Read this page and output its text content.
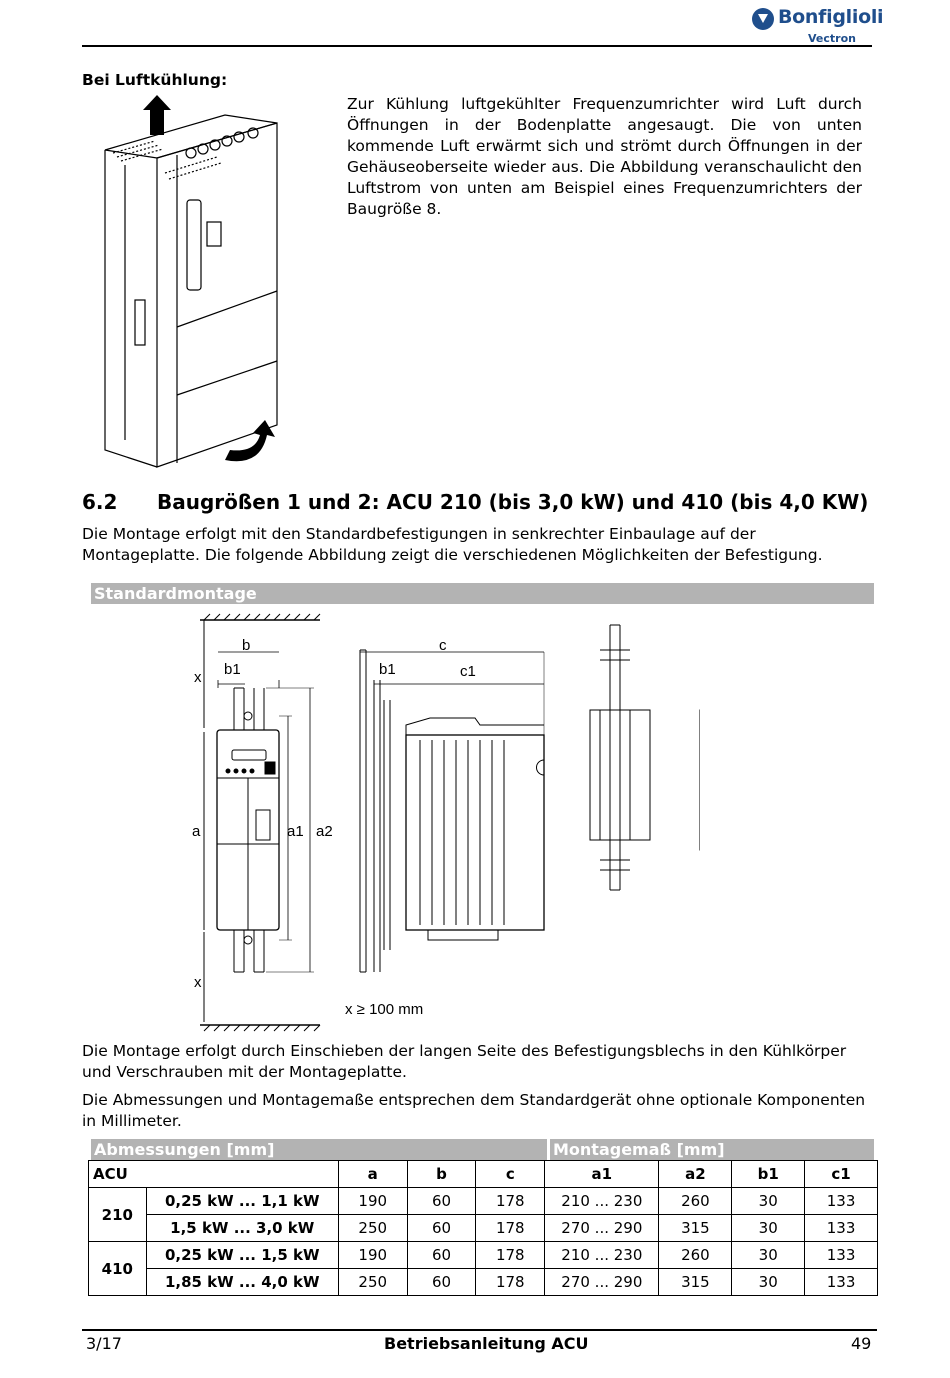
Bonfiglioli
Vectron
Bei Luftkühlung:
Zur Kühlung luftgekühlter Frequenzumrichter wird Luft durch Öffnungen in der Bodenplatte angesaugt. Die von unten kommende Luft erwärmt sich und strömt durch Öffnungen in der Gehäuseoberseite wieder aus. Die Abbildung veranschaulicht den Luftstrom von unten am Beispiel eines Frequenzumrichters der Baugröße 8.
6.2 Baugrößen 1 und 2: ACU 210 (bis 3,0 kW) und 410 (bis 4,0 KW)
Die Montage erfolgt mit den Standardbefestigungen in senkrechter Einbaulage auf der Montageplatte. Die folgende Abbildung zeigt die verschiedenen Möglichkeiten der Befestigung.
Standardmontage
x
b
b1
a	a1 a2
x
c
b1	c1
x ≥ 100 mm
Die Montage erfolgt durch Einschieben der langen Seite des Befestigungsblechs in den Kühlkörper und Verschrauben mit der Montageplatte.
Die Abmessungen und Montagemaße entsprechen dem Standardgerät ohne optionale Komponenten in Millimeter.
Abmessungen [mm]	Montagemaß [mm]
ACU		a	b	c	a1	a2	b1	c1
210	0,25 kW ... 1,1 kW	190	60	178	210 ... 230	260	30	133
	1,5 kW ... 3,0 kW	250	60	178	270 ... 290	315	30	133
410	0,25 kW ... 1,5 kW	190	60	178	210 ... 230	260	30	133
	1,85 kW ... 4,0 kW	250	60	178	270 ... 290	315	30	133
3/17	Betriebsanleitung ACU	49
